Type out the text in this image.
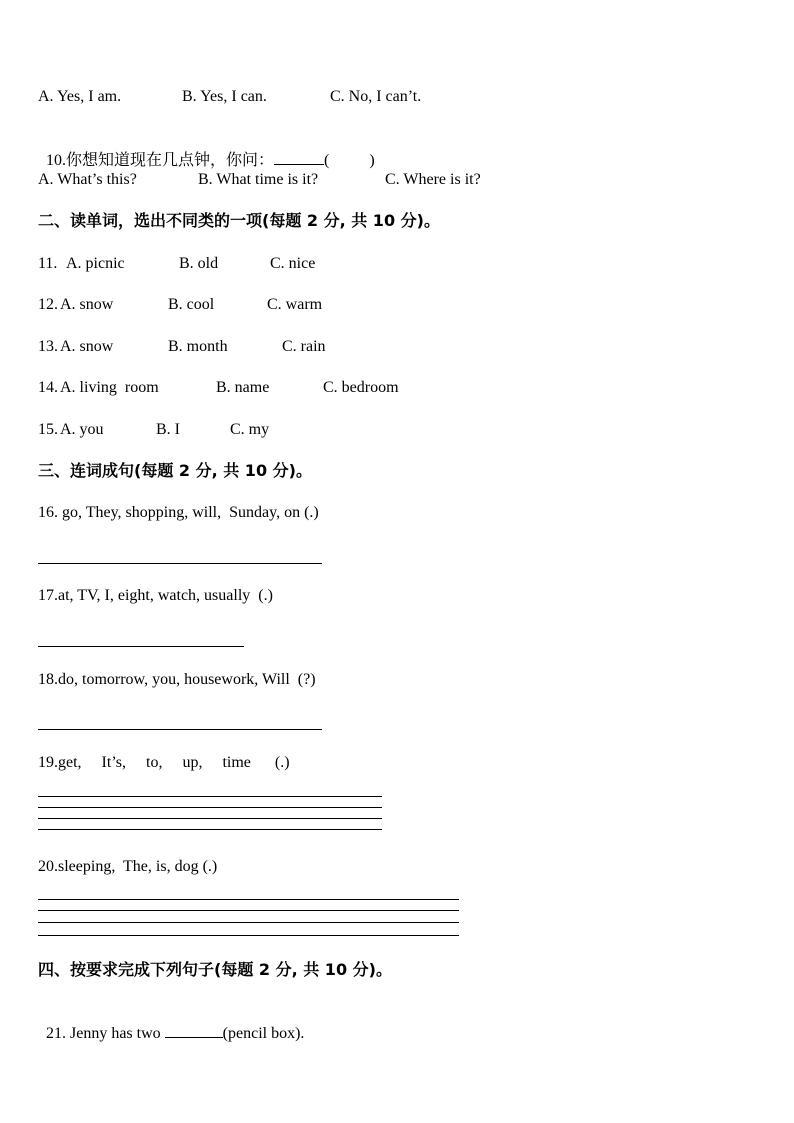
A. Yes, I am.

	B. Yes, I can.

	C. No, I can’t.

10.你想知道现在几点钟，你问：	(          )

A. What’s this?

	B. What time is it?

	C. Where is it?

二、读单词，选出不同类的一项(每题 2 分, 共 10 分)。

11.

A. picnic

	B. old

	C. nice

12.

A. snow

	B. cool

	C. warm

13.

A. snow

	B. month

	C. rain

14.

A. living  room

	B. name

	C. bedroom

15.

A. you

	B. I

	C. my

三、连词成句(每题 2 分, 共 10 分)。
16. go, They, shopping, will,  Sunday, on (.)
17.at, TV, I, eight, watch, usually  (.)
18.do, tomorrow, you, housework, Will  (?)
19.get,     It’s,     to,     up,     time      (.)
20.sleeping,  The, is, dog (.)
四、按要求完成下列句子(每题 2 分, 共 10 分)。

21. Jenny has two	(pencil box).
